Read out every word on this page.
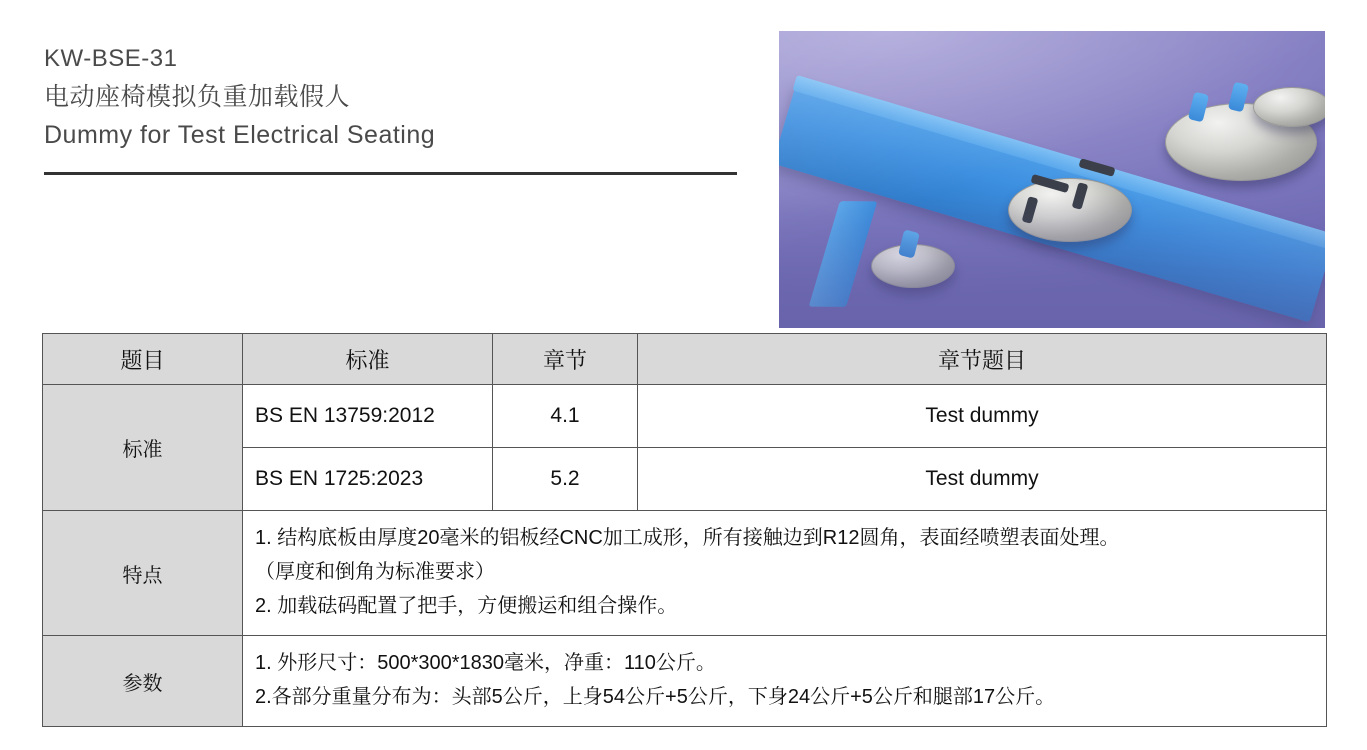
KW-BSE-31
电动座椅模拟负重加载假人
Dummy for Test Electrical Seating
题目	标准	章节	章节题目
标准	BS EN 13759:2012	4.1	Test dummy
	BS EN 1725:2023	5.2	Test dummy
特点	1. 结构底板由厚度20毫米的铝板经CNC加工成形，所有接触边到R12圆角，表面经喷塑表面处理。

（厚度和倒角为标准要求）

2. 加载砝码配置了把手，方便搬运和组合操作。		

参数	1. 外形尺寸：500*300*1830毫米，净重：110公斤。

2.各部分重量分布为：头部5公斤，上身54公斤+5公斤，下身24公斤+5公斤和腿部17公斤。		
